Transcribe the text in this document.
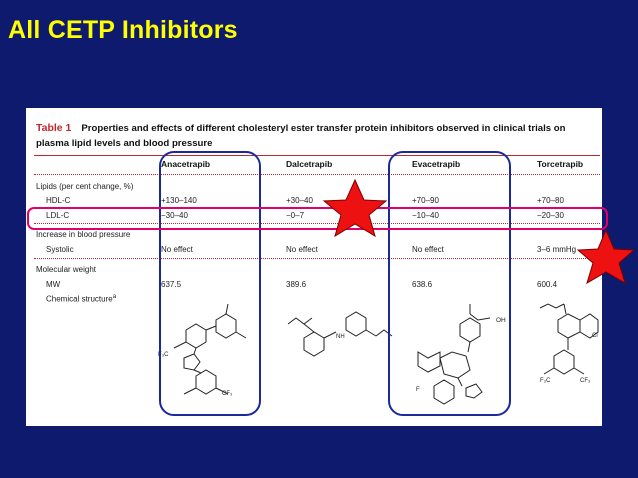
All CETP Inhibitors
Table 1 Properties and effects of different cholesteryl ester transfer protein inhibitors observed in clinical trials on
plasma lipid levels and blood pressure
Anacetrapib	Dalcetrapib	Evacetrapib	Torcetrapib
Lipids (per cent change, %)
HDL-C	+130–140	+30–40	+70–90	+70–80
LDL-C	−30–40	−0–7	−10–40	−20–30
Increase in blood pressure
Systolic	No effect	No effect	No effect	3–6 mmHg
Molecular weight
MW	637.5	389.6	638.6	600.4
Chemical structure$^a$
F₃C
CF₃
NH
OH
F
Cl
F₃C	CF₃
